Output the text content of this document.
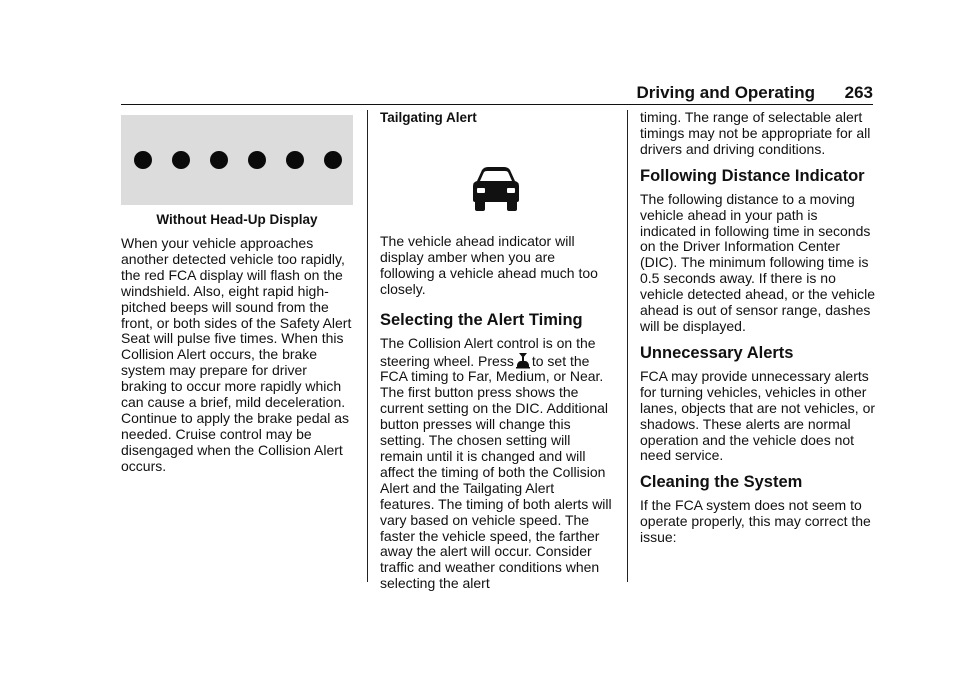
Driving and Operating 263
Without Head-Up Display

When your vehicle approaches another detected vehicle too rapidly, the red FCA display will flash on the windshield. Also, eight rapid high-pitched beeps will sound from the front, or both sides of the Safety Alert Seat will pulse five times. When this Collision Alert occurs, the brake system may prepare for driver braking to occur more rapidly which can cause a brief, mild deceleration. Continue to apply the brake pedal as needed. Cruise control may be disengaged when the Collision Alert occurs.

Tailgating Alert

The vehicle ahead indicator will display amber when you are following a vehicle ahead much too closely.

Selecting the Alert Timing

The Collision Alert control is on the steering wheel. Press to set the FCA timing to Far, Medium, or Near. The first button press shows the current setting on the DIC. Additional button presses will change this setting. The chosen setting will remain until it is changed and will affect the timing of both the Collision Alert and the Tailgating Alert features. The timing of both alerts will vary based on vehicle speed. The faster the vehicle speed, the farther away the alert will occur. Consider traffic and weather conditions when selecting the alert

timing. The range of selectable alert timings may not be appropriate for all drivers and driving conditions.

Following Distance Indicator

The following distance to a moving vehicle ahead in your path is indicated in following time in seconds on the Driver Information Center (DIC). The minimum following time is 0.5 seconds away. If there is no vehicle detected ahead, or the vehicle ahead is out of sensor range, dashes will be displayed.

Unnecessary Alerts

FCA may provide unnecessary alerts for turning vehicles, vehicles in other lanes, objects that are not vehicles, or shadows. These alerts are normal operation and the vehicle does not need service.

Cleaning the System

If the FCA system does not seem to operate properly, this may correct the issue:
